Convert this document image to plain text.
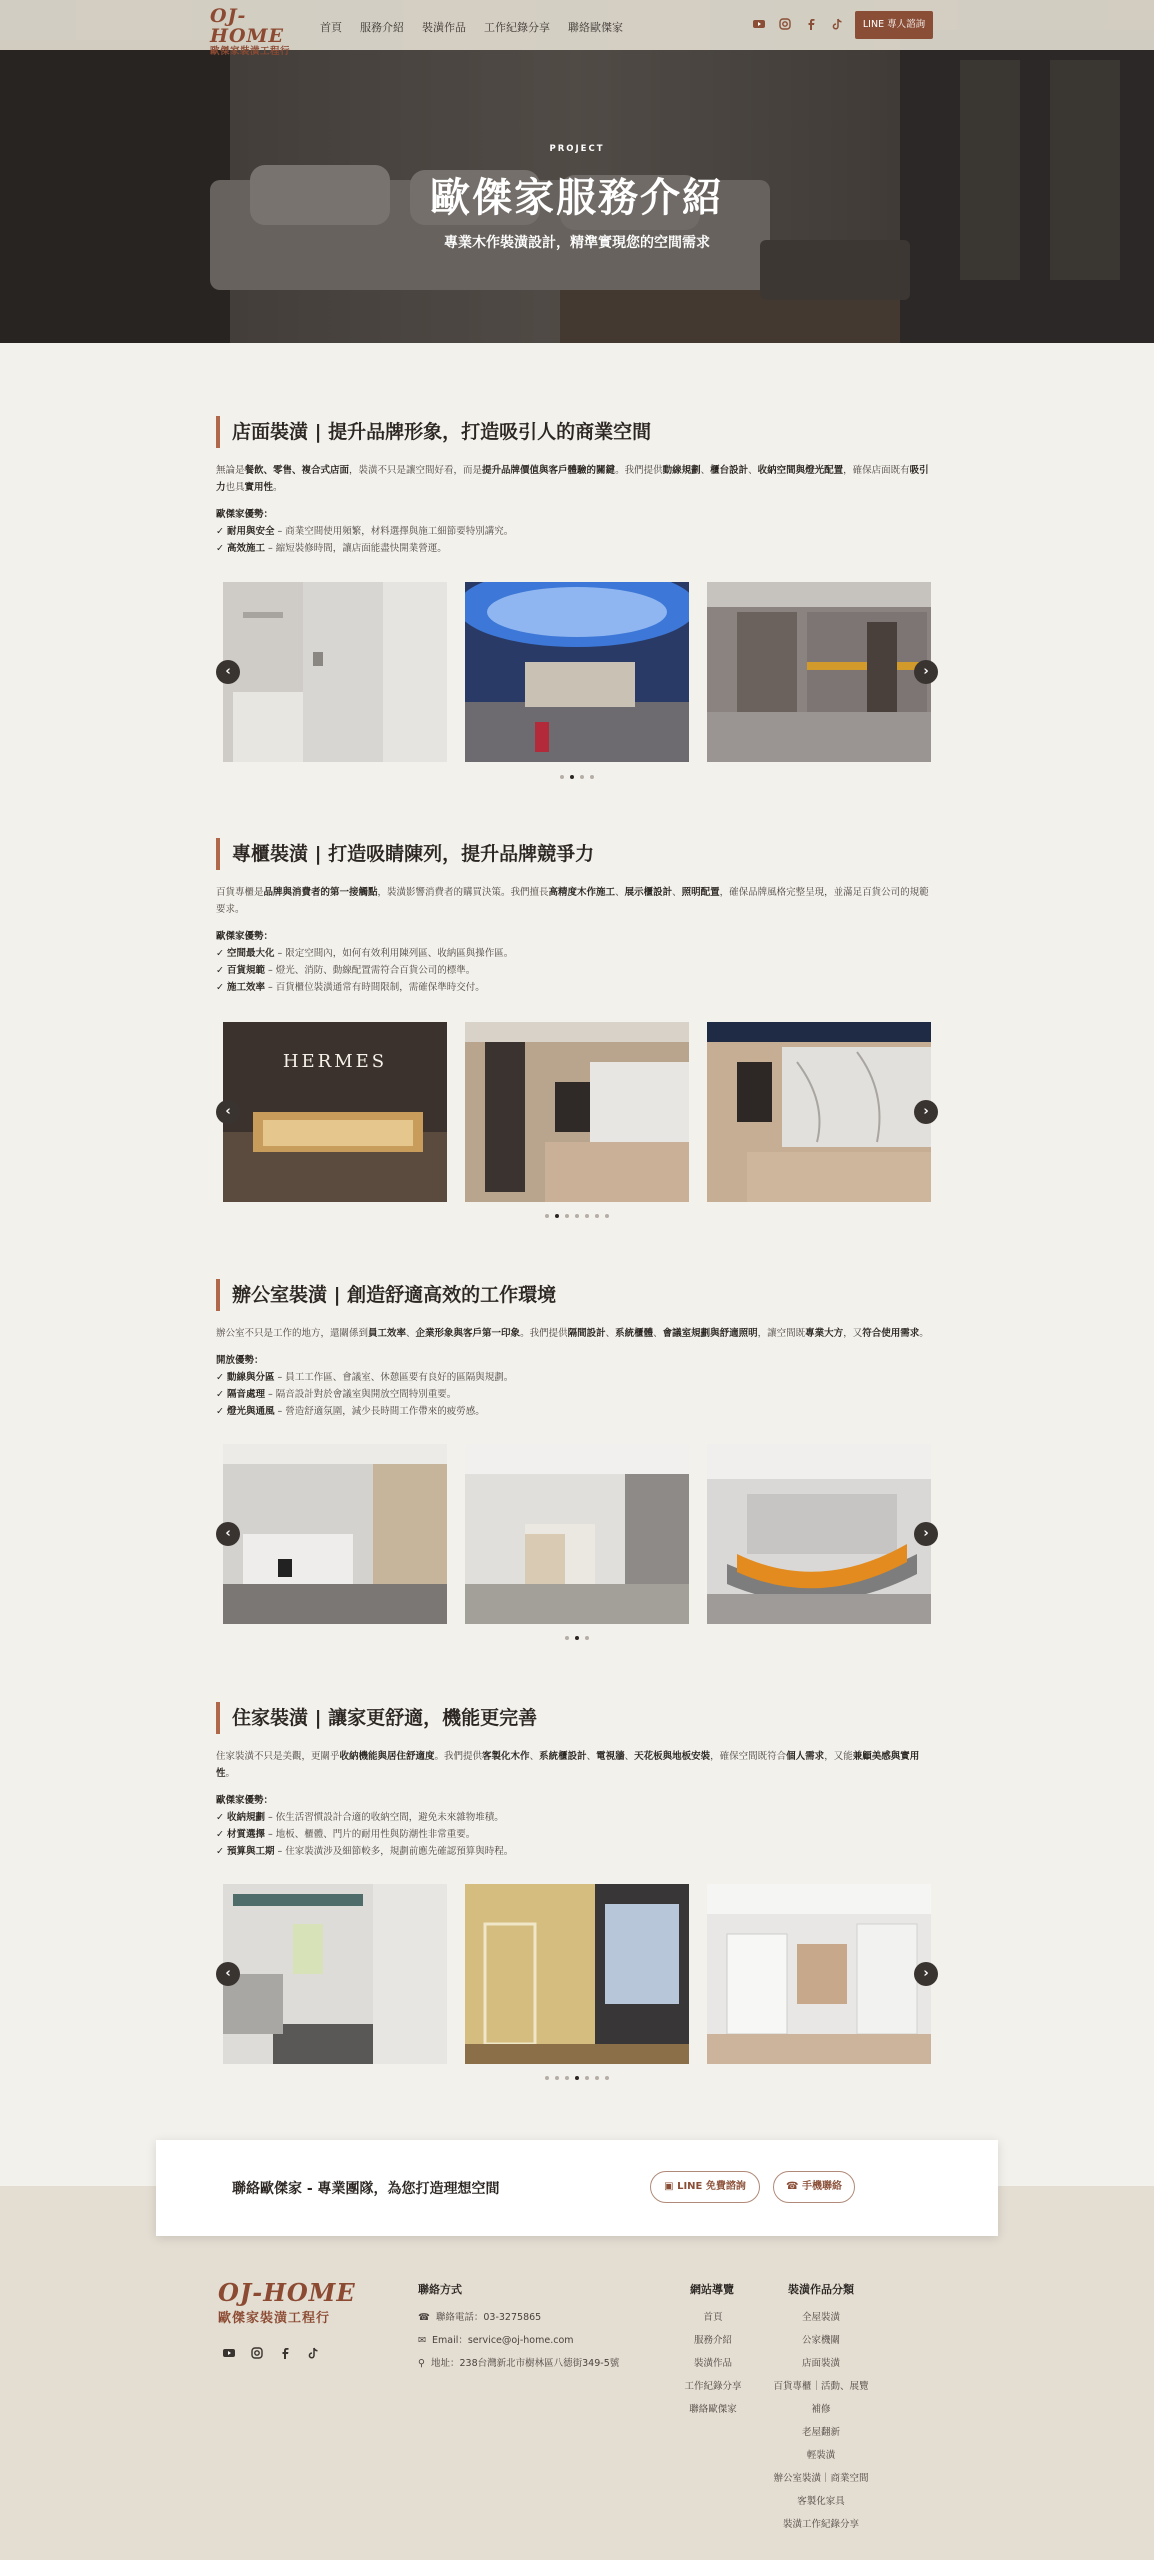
PROJECT
歐傑家服務介紹
專業木作裝潢設計，精準實現您的空間需求
OJ-HOME
歐傑家裝潢工程行
首頁 服務介紹 裝潢作品 工作紀錄分享 聯絡歐傑家	LINE 專人諮詢
店面裝潢 | 提升品牌形象，打造吸引人的商業空間
無論是餐飲、零售、複合式店面，裝潢不只是讓空間好看，而是提升品牌價值與客戶體驗的關鍵。我們提供動線規劃、櫃台設計、收納空間與燈光配置，確保店面既有吸引力也具實用性。
歐傑家優勢：
✓ 耐用與安全 – 商業空間使用頻繁，材料選擇與施工細節要特別講究。
✓ 高效施工 – 縮短裝修時間，讓店面能盡快開業營運。
‹	›
專櫃裝潢 | 打造吸睛陳列，提升品牌競爭力
百貨專櫃是品牌與消費者的第一接觸點，裝潢影響消費者的購買決策。我們擅長高精度木作施工、展示櫃設計、照明配置，確保品牌風格完整呈現，並滿足百貨公司的規範要求。
歐傑家優勢：
✓ 空間最大化 – 限定空間內，如何有效利用陳列區、收納區與操作區。
✓ 百貨規範 – 燈光、消防、動線配置需符合百貨公司的標準。
✓ 施工效率 – 百貨櫃位裝潢通常有時間限制，需確保準時交付。
HERMES
‹	›
辦公室裝潢 | 創造舒適高效的工作環境
辦公室不只是工作的地方，還關係到員工效率、企業形象與客戶第一印象。我們提供隔間設計、系統櫃體、會議室規劃與舒適照明，讓空間既專業大方，又符合使用需求。
開放優勢：
✓ 動線與分區 – 員工工作區、會議室、休憩區要有良好的區隔與規劃。
✓ 隔音處理 – 隔音設計對於會議室與開放空間特別重要。
✓ 燈光與通風 – 營造舒適氛圍，減少長時間工作帶來的疲勞感。
‹	›
住家裝潢 | 讓家更舒適，機能更完善
住家裝潢不只是美觀，更關乎收納機能與居住舒適度。我們提供客製化木作、系統櫃設計、電視牆、天花板與地板安裝，確保空間既符合個人需求，又能兼顧美感與實用性。
歐傑家優勢：
✓ 收納規劃 – 依生活習慣設計合適的收納空間，避免未來雜物堆積。
✓ 材質選擇 – 地板、櫃體、門片的耐用性與防潮性非常重要。
✓ 預算與工期 – 住家裝潢涉及細節較多，規劃前應先確認預算與時程。
‹	›
聯絡歐傑家 - 專業團隊，為您打造理想空間	▣ LINE 免費諮詢	☎ 手機聯絡
OJ-HOME
歐傑家裝潢工程行
聯絡方式
☎  聯絡電話：03-3275865
✉  Email：service@oj-home.com
⚲  地址：238台灣新北市樹林區八德街349-5號
網站導覽	裝潢作品分類
首頁
服務介紹
裝潢作品
工作紀錄分享
聯絡歐傑家
全屋裝潢
公家機關
店面裝潢
百貨專櫃｜活動、展覽
補修
老屋翻新
輕裝潢
辦公室裝潢｜商業空間
客製化家具
裝潢工作紀錄分享
